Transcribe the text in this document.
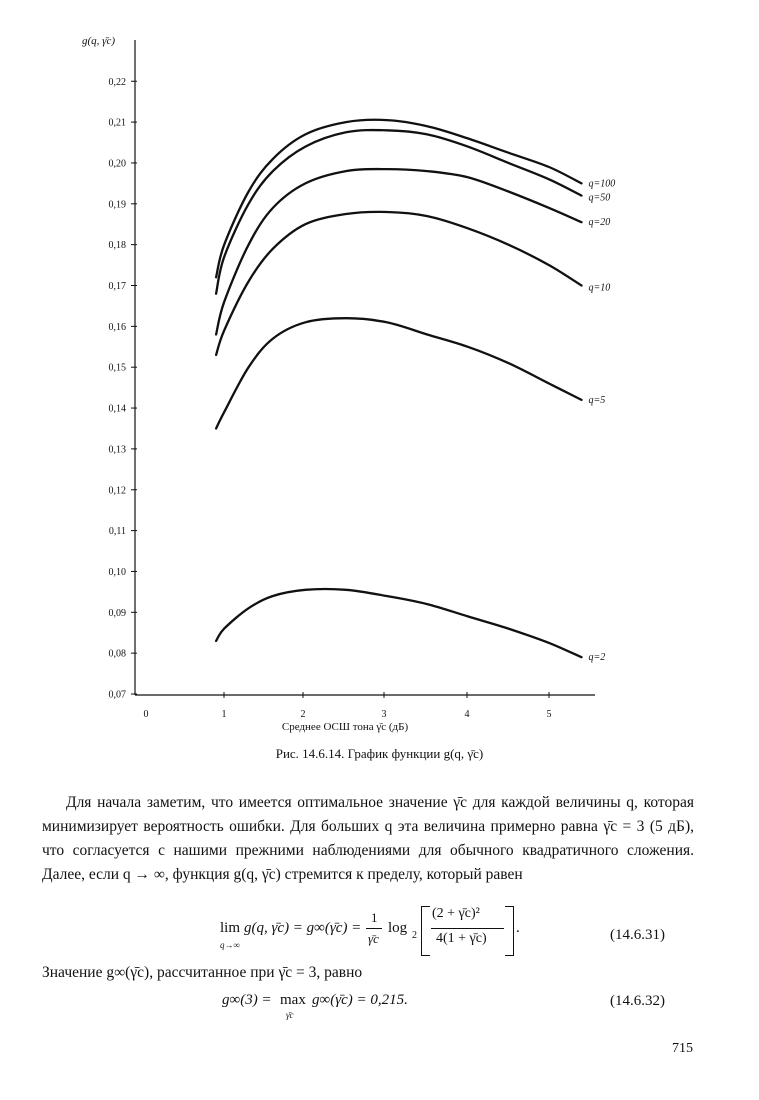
0,07
0,08
0,09
0,10
0,11
0,12
0,13
0,14
0,15
0,16
0,17
0,18
0,19
0,20
0,21
0,22
0	1	2	3	4	5
q=100
q=50
q=20
q=10
q=5
q=2
g(q, γ̄c)
Среднее ОСШ тона γ̄c (дБ)
Рис. 14.6.14. График функции g(q, γ̄c)

Для начала заметим, что имеется оптимальное значение γ̄c для каждой величины q, которая минимизирует вероятность ошибки. Для больших q эта величина примерно равна γ̄c = 3 (5 дБ), что согласуется с нашими прежними наблюдениями для обычного квадратичного сложения. Далее, если q → ∞, функция g(q, γ̄c) стремится к пределу, который равен

lim
q→∞
g(q, γ̄c) = g∞(γ̄c) =
1
γ̄c
log 2
(2 + γ̄c)²
4(1 + γ̄c)
.	(14.6.31)
Значение g∞(γ̄c), рассчитанное при γ̄c = 3, равно
g∞(3) = max
γ̄c
g∞(γ̄c) = 0,215.	(14.6.32)
715
